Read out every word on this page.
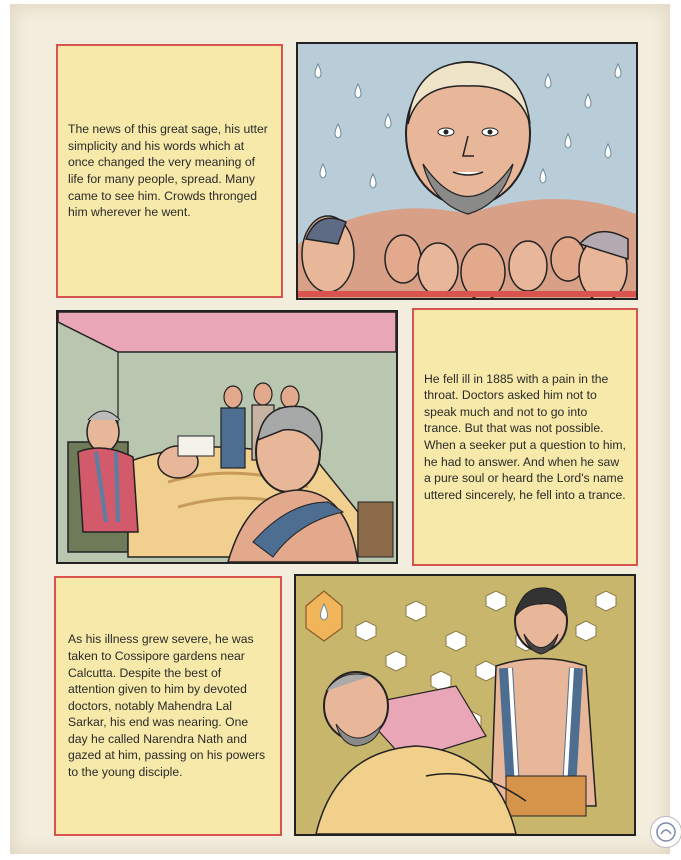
The news of this great sage, his utter simplicity and his words which at once changed the very meaning of life for many people, spread. Many came to see him. Crowds thronged him wherever he went.

He fell ill in 1885 with a pain in the throat. Doctors asked him not to speak much and not to go into trance. But that was not possible. When a seeker put a question to him, he had to answer. And when he saw a pure soul or heard the Lord's name uttered sincerely, he fell into a trance.

As his illness grew severe, he was taken to Cossipore gardens near Calcutta. Despite the best of attention given to him by devoted doctors, notably Mahendra Lal Sarkar, his end was nearing. One day he called Narendra Nath and gazed at him, passing on his powers to the young disciple.
